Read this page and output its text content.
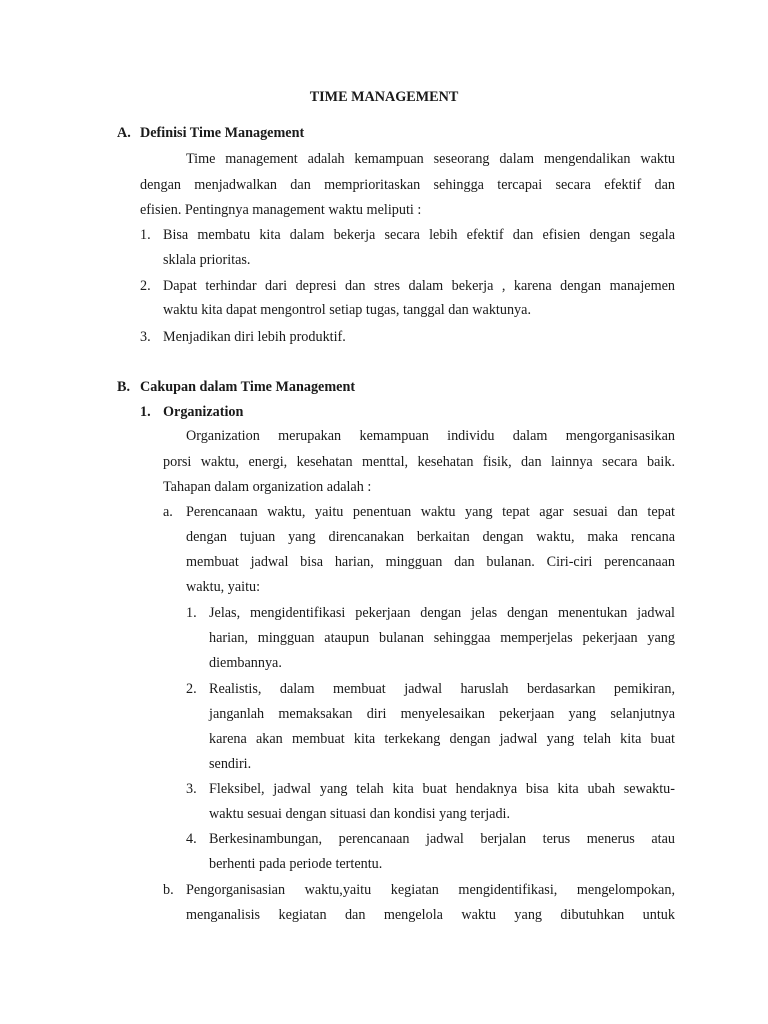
TIME MANAGEMENT
A. Definisi Time Management
Time management adalah kemampuan seseorang dalam mengendalikan waktu
dengan menjadwalkan dan memprioritaskan sehingga tercapai secara efektif dan
efisien. Pentingnya management waktu meliputi :
1. Bisa membatu kita dalam bekerja secara lebih efektif dan efisien dengan segala
sklala prioritas.
2. Dapat terhindar dari depresi dan stres dalam bekerja , karena dengan manajemen
waktu kita dapat mengontrol setiap tugas, tanggal dan waktunya.
3. Menjadikan diri lebih produktif.
B. Cakupan dalam Time Management
1. Organization
Organization merupakan kemampuan individu dalam mengorganisasikan
porsi waktu, energi, kesehatan menttal, kesehatan fisik, dan lainnya secara baik.
Tahapan dalam organization adalah :
a. Perencanaan waktu, yaitu penentuan waktu yang tepat agar sesuai dan tepat
dengan tujuan yang direncanakan berkaitan dengan waktu, maka rencana
membuat jadwal bisa harian, mingguan dan bulanan. Ciri-ciri perencanaan
waktu, yaitu:
1. Jelas, mengidentifikasi pekerjaan dengan jelas dengan menentukan jadwal
harian, mingguan ataupun bulanan sehinggaa memperjelas pekerjaan yang
diembannya.
2. Realistis, dalam membuat jadwal haruslah berdasarkan pemikiran,
janganlah memaksakan diri menyelesaikan pekerjaan yang selanjutnya
karena akan membuat kita terkekang dengan jadwal yang telah kita buat
sendiri.
3. Fleksibel, jadwal yang telah kita buat hendaknya bisa kita ubah sewaktu-
waktu sesuai dengan situasi dan kondisi yang terjadi.
4. Berkesinambungan, perencanaan jadwal berjalan terus menerus atau
berhenti pada periode tertentu.
b. Pengorganisasian waktu,yaitu kegiatan mengidentifikasi, mengelompokan,
menganalisis kegiatan dan mengelola waktu yang dibutuhkan untuk
